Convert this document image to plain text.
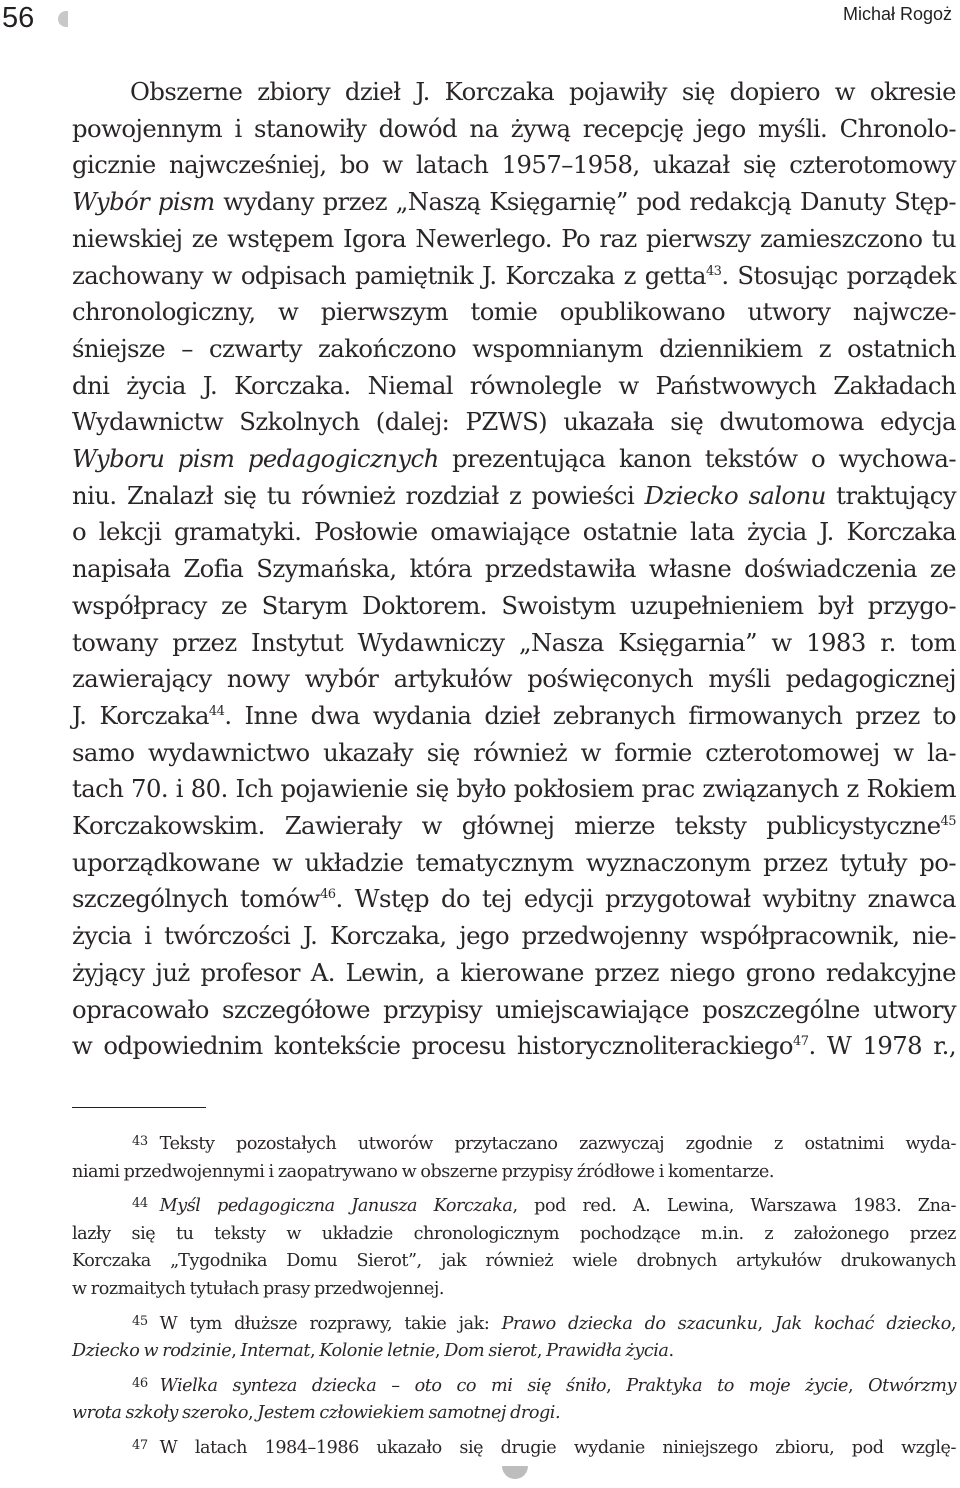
56	Michał Rogoż
Obszerne zbiory dzieł J. Korczaka pojawiły się dopiero w okresie
powojennym i stanowiły dowód na żywą recepcję jego myśli. Chronolo-
gicznie najwcześniej, bo w latach 1957–1958, ukazał się czterotomowy
Wybór pism wydany przez „Naszą Księgarnię” pod redakcją Danuty Stęp-
niewskiej ze wstępem Igora Newerlego. Po raz pierwszy zamieszczono tu
zachowany w odpisach pamiętnik J. Korczaka z getta$^{43}$. Stosując porządek
chronologiczny, w pierwszym tomie opublikowano utwory najwcze-
śniejsze – czwarty zakończono wspomnianym dziennikiem z ostatnich
dni życia J. Korczaka. Niemal równolegle w Państwowych Zakładach
Wydawnictw Szkolnych (dalej: PZWS) ukazała się dwutomowa edycja
Wyboru pism pedagogicznych prezentująca kanon tekstów o wychowa-
niu. Znalazł się tu również rozdział z powieści Dziecko salonu traktujący
o lekcji gramatyki. Posłowie omawiające ostatnie lata życia J. Korczaka
napisała Zofia Szymańska, która przedstawiła własne doświadczenia ze
współpracy ze Starym Doktorem. Swoistym uzupełnieniem był przygo-
towany przez Instytut Wydawniczy „Nasza Księgarnia” w 1983 r. tom
zawierający nowy wybór artykułów poświęconych myśli pedagogicznej
J. Korczaka$^{44}$. Inne dwa wydania dzieł zebranych firmowanych przez to
samo wydawnictwo ukazały się również w formie czterotomowej w la-
tach 70. i 80. Ich pojawienie się było pokłosiem prac związanych z Rokiem
Korczakowskim. Zawierały w głównej mierze teksty publicystyczne$^{45}$
uporządkowane w układzie tematycznym wyznaczonym przez tytuły po-
szczególnych tomów$^{46}$. Wstęp do tej edycji przygotował wybitny znawca
życia i twórczości J. Korczaka, jego przedwojenny współpracownik, nie-
żyjący już profesor A. Lewin, a kierowane przez niego grono redakcyjne
opracowało szczegółowe przypisy umiejscawiające poszczególne utwory
w odpowiednim kontekście procesu historycznoliterackiego$^{47}$. W 1978 r.,
$^{43}$ Teksty pozostałych utworów przytaczano zazwyczaj zgodnie z ostatnimi wyda-
niami przedwojennymi i zaopatrywano w obszerne przypisy źródłowe i komentarze.
$^{44}$ Myśl pedagogiczna Janusza Korczaka, pod red. A. Lewina, Warszawa 1983. Zna-
lazły się tu teksty w układzie chronologicznym pochodzące m.in. z założonego przez
Korczaka „Tygodnika Domu Sierot”, jak również wiele drobnych artykułów drukowanych
w rozmaitych tytułach prasy przedwojennej.
$^{45}$ W tym dłuższe rozprawy, takie jak: Prawo dziecka do szacunku, Jak kochać dziecko,
Dziecko w rodzinie, Internat, Kolonie letnie, Dom sierot, Prawidła życia.
$^{46}$ Wielka synteza dziecka – oto co mi się śniło, Praktyka to moje życie, Otwórzmy
wrota szkoły szeroko, Jestem człowiekiem samotnej drogi.
$^{47}$ W latach 1984–1986 ukazało się drugie wydanie niniejszego zbioru, pod wzglę-
